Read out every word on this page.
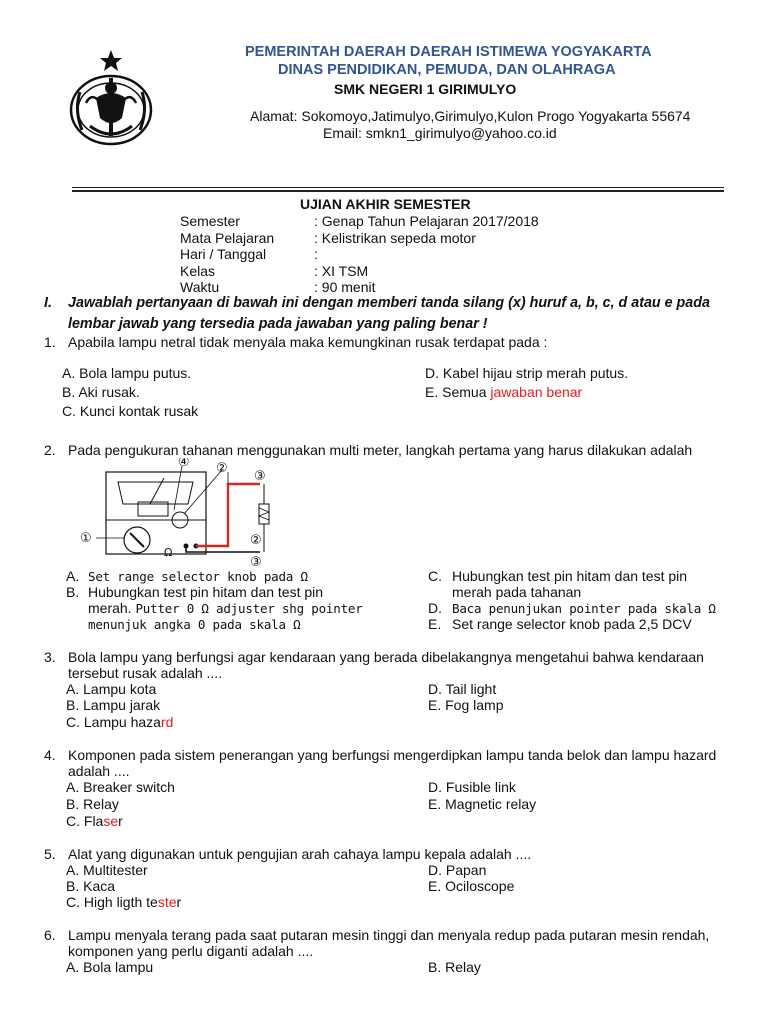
PEMERINTAH DAERAH DAERAH ISTIMEWA YOGYAKARTA
DINAS PENDIDIKAN, PEMUDA, DAN OLAHRAGA
SMK NEGERI 1 GIRIMULYO
Alamat: Sokomoyo,Jatimulyo,Girimulyo,Kulon Progo Yogyakarta 55674
Email: smkn1_girimulyo@yahoo.co.id
UJIAN AKHIR SEMESTER
Semester	: Genap Tahun Pelajaran 2017/2018
Mata Pelajaran	: Kelistrikan sepeda motor
Hari / Tanggal	:
Kelas	: XI TSM
Waktu	: 90 menit
I. Jawablah pertanyaan di bawah ini dengan memberi tanda silang (x) huruf a, b, c, d atau e pada
lembar jawab yang tersedia pada jawaban yang paling benar !
1. Apabila lampu netral tidak menyala maka kemungkinan rusak terdapat pada :
A. Bola lampu putus.
B. Aki rusak.
C. Kunci kontak rusak
D. Kabel hijau strip merah putus.
E. Semua jawaban benar
2. Pada pengukuran tahanan menggunakan multi meter, langkah pertama yang harus dilakukan adalah
Ω
①
②
②
③
③
④
A. Set range selector knob pada Ω
B. Hubungkan test pin hitam dan test pin
merah. Putter 0 Ω adjuster shg pointer
menunjuk angka 0 pada skala Ω
C. Hubungkan test pin hitam dan test pin
merah pada tahanan
D. Baca penunjukan pointer pada skala Ω
E. Set range selector knob pada 2,5 DCV
3. Bola lampu yang berfungsi agar kendaraan yang berada dibelakangnya mengetahui bahwa kendaraan
tersebut rusak adalah ....
A. Lampu kota
B. Lampu jarak
C. Lampu hazard
D. Tail light
E. Fog lamp
4. Komponen pada sistem penerangan yang berfungsi mengerdipkan lampu tanda belok dan lampu hazard
adalah ....
A. Breaker switch
B. Relay
C. Flaser
D. Fusible link
E. Magnetic relay
5. Alat yang digunakan untuk pengujian arah cahaya lampu kepala adalah ....
A. Multitester
B. Kaca
C. High ligth tester
D. Papan
E. Ociloscope
6. Lampu menyala terang pada saat putaran mesin tinggi dan menyala redup pada putaran mesin rendah,
komponen yang perlu diganti adalah ....
A. Bola lampu	B. Relay
